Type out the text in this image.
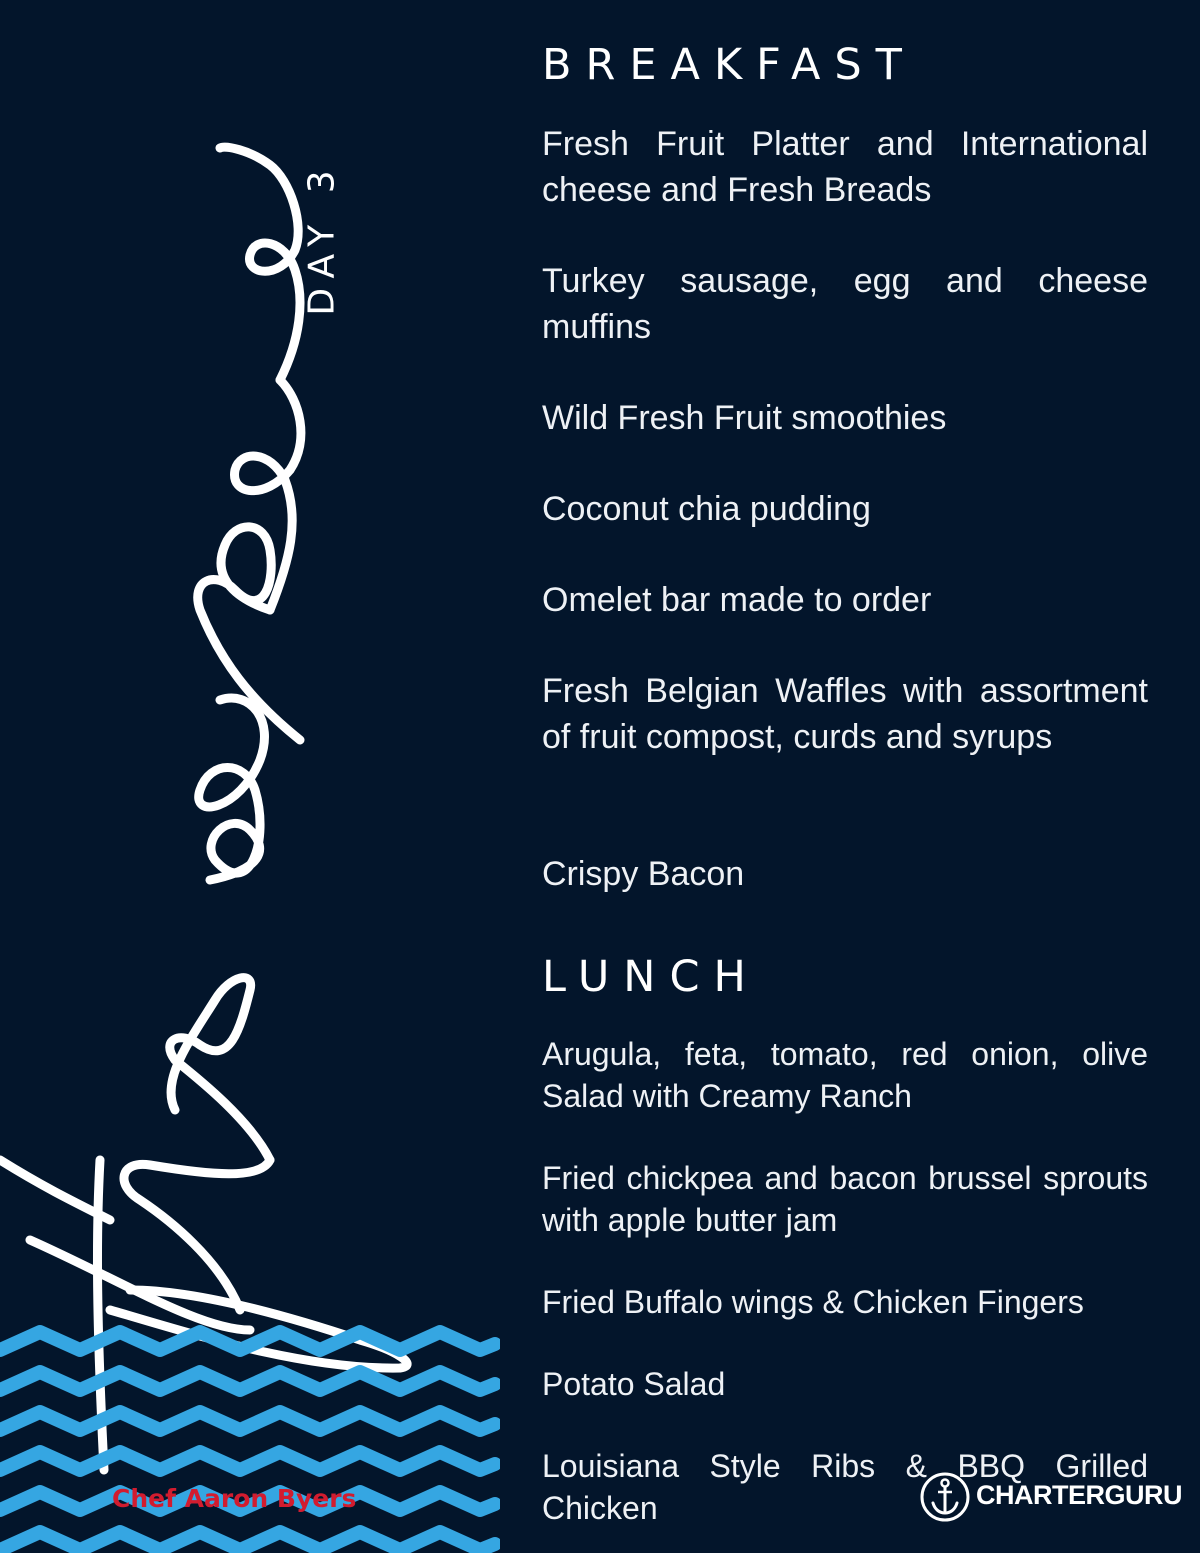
DAY 3
Chef Aaron Byers
BREAKFAST
Fresh Fruit Platter and International cheese and Fresh Breads
Turkey sausage, egg and cheese muffins
Wild Fresh Fruit smoothies
Coconut chia pudding
Omelet bar made to order
Fresh Belgian Waffles with assortment of fruit compost, curds and syrups
Crispy Bacon
LUNCH
Arugula, feta, tomato, red onion, olive Salad with Creamy Ranch
Fried chickpea and bacon brussel sprouts with apple butter jam
Fried Buffalo wings & Chicken Fingers
Potato Salad
Louisiana Style Ribs & BBQ Grilled Chicken	CHARTERGURU
